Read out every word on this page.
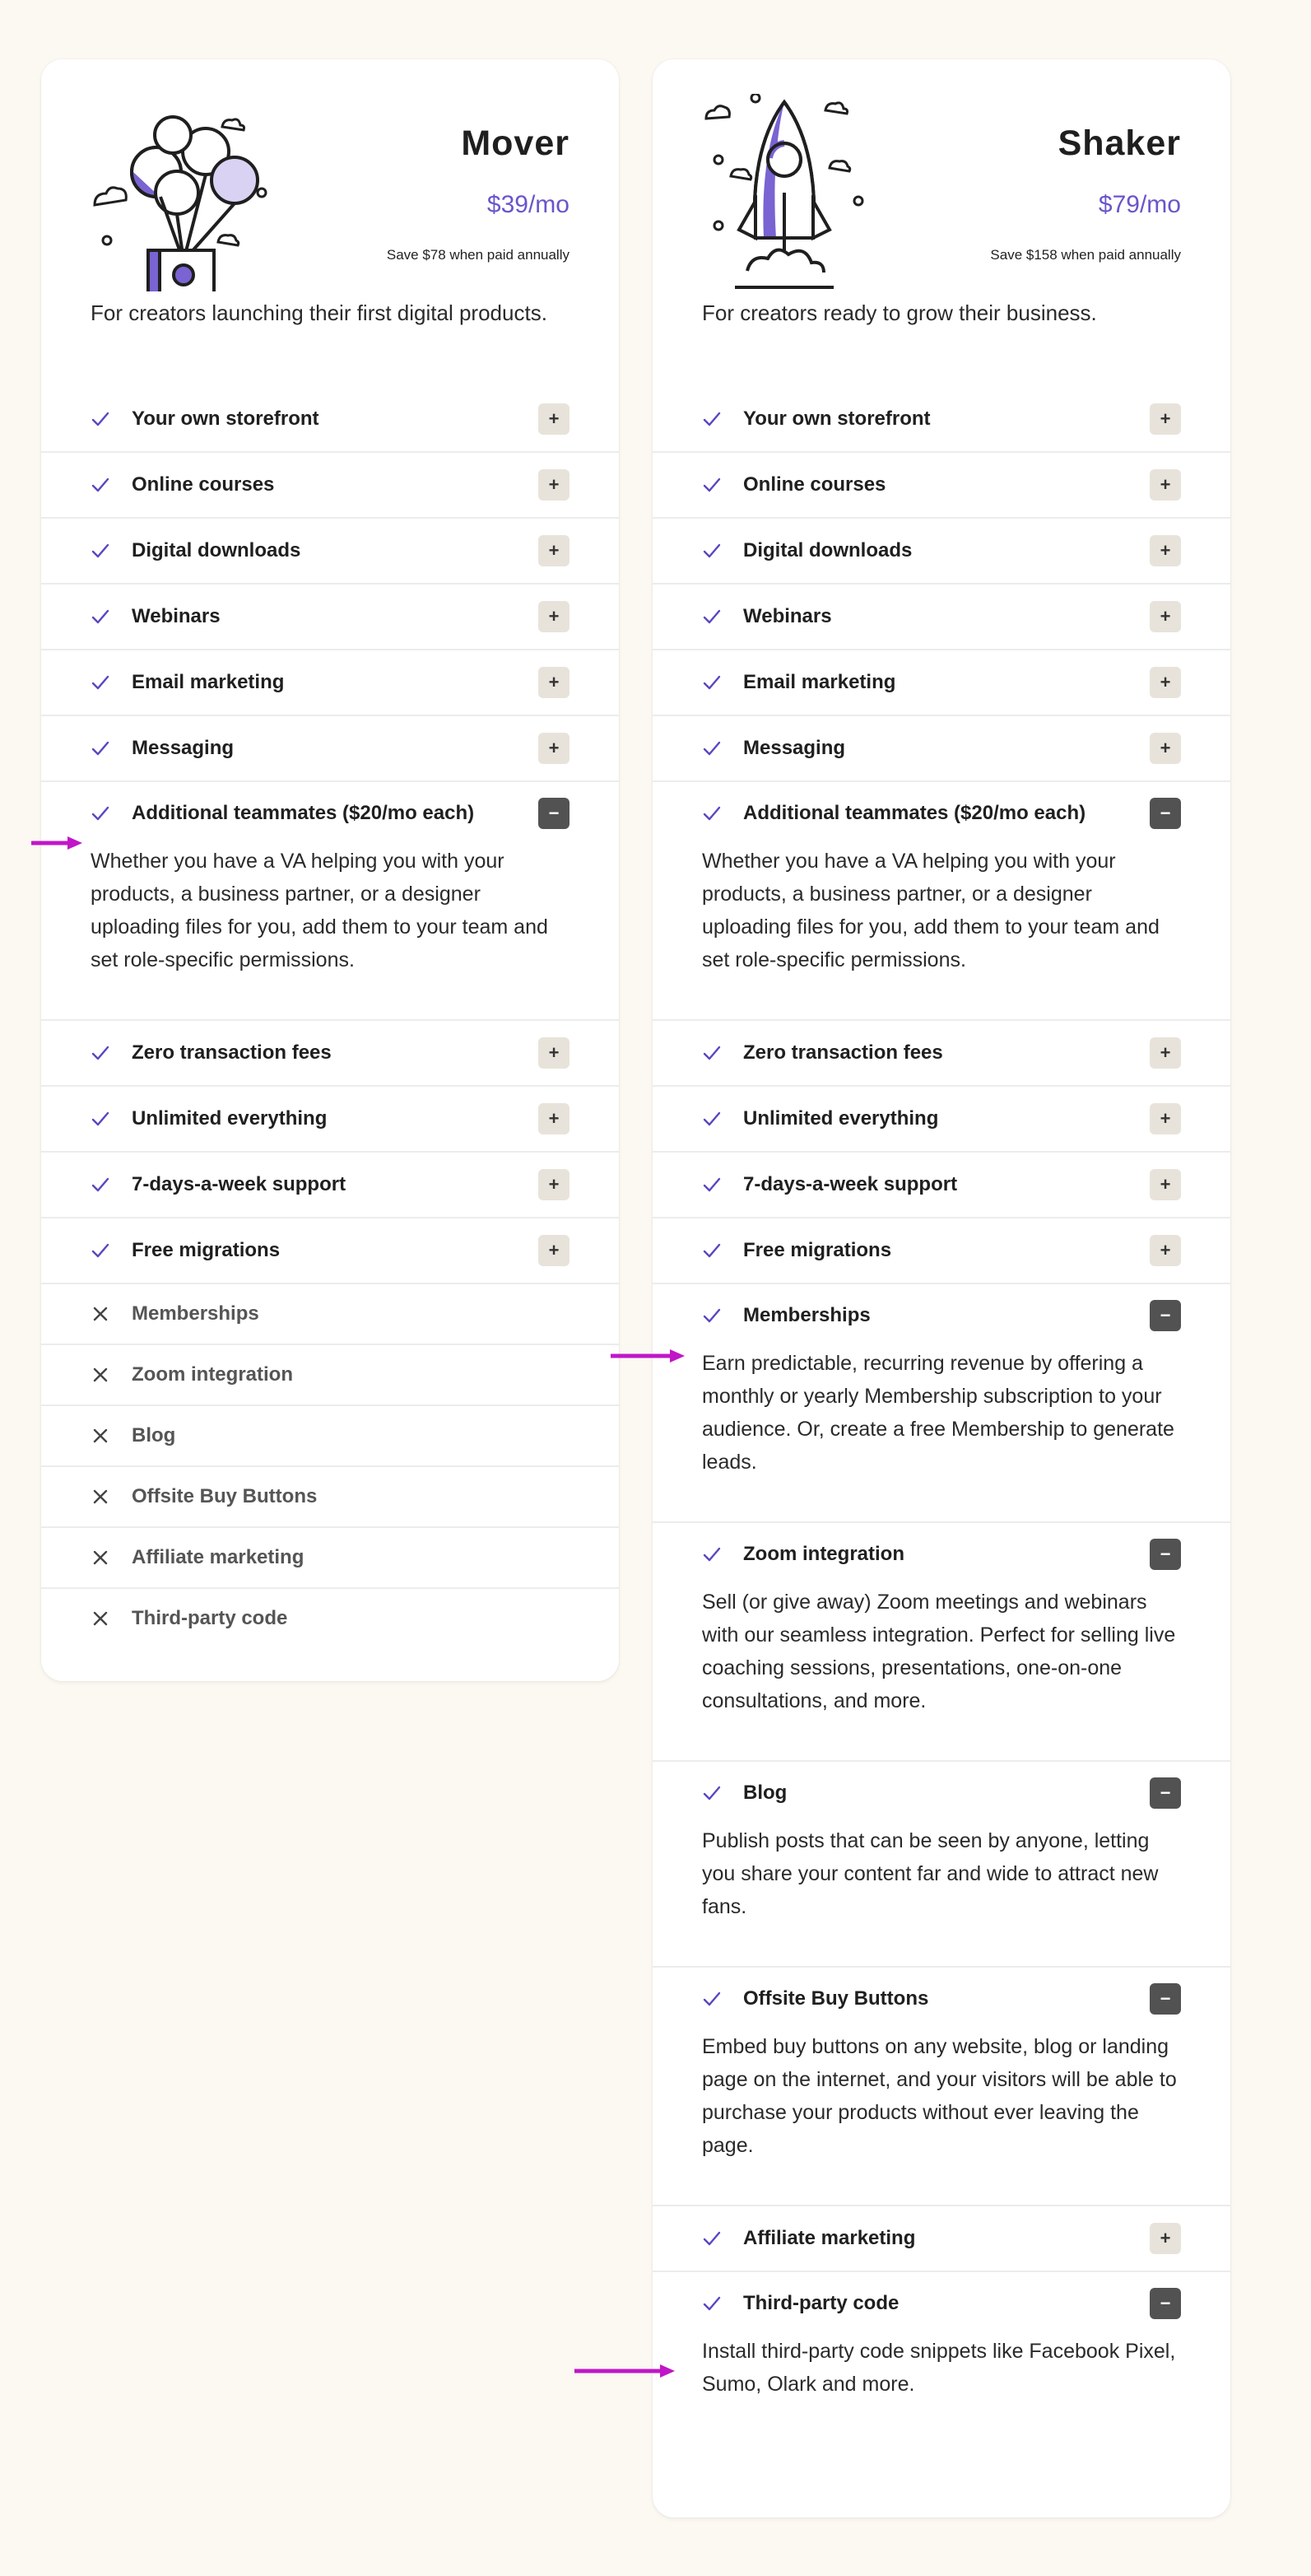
Mover
$39/mo
Save $78 when paid annually
For creators launching their first digital products.
Your own storefront	+
Online courses	+
Digital downloads	+
Webinars	+
Email marketing	+
Messaging	+
Additional teammates ($20/mo each)	−
Whether you have a VA helping you with your products, a business partner, or a designer uploading files for you, add them to your team and set role-specific permissions.
Zero transaction fees	+
Unlimited everything	+
7-days-a-week support	+
Free migrations	+
Memberships
Zoom integration
Blog
Offsite Buy Buttons
Affiliate marketing
Third-party code
Shaker
$79/mo
Save $158 when paid annually
For creators ready to grow their business.
Your own storefront	+
Online courses	+
Digital downloads	+
Webinars	+
Email marketing	+
Messaging	+
Additional teammates ($20/mo each)	−
Whether you have a VA helping you with your products, a business partner, or a designer uploading files for you, add them to your team and set role-specific permissions.
Zero transaction fees	+
Unlimited everything	+
7-days-a-week support	+
Free migrations	+
Memberships	−
Earn predictable, recurring revenue by offering a monthly or yearly Membership subscription to your audience. Or, create a free Membership to generate leads.
Zoom integration	−
Sell (or give away) Zoom meetings and webinars with our seamless integration. Perfect for selling live coaching sessions, presentations, one-on-one consultations, and more.
Blog	−
Publish posts that can be seen by anyone, letting you share your content far and wide to attract new fans.
Offsite Buy Buttons	−
Embed buy buttons on any website, blog or landing page on the internet, and your visitors will be able to purchase your products without ever leaving the page.
Affiliate marketing	+
Third-party code	−
Install third-party code snippets like Facebook Pixel, Sumo, Olark and more.
